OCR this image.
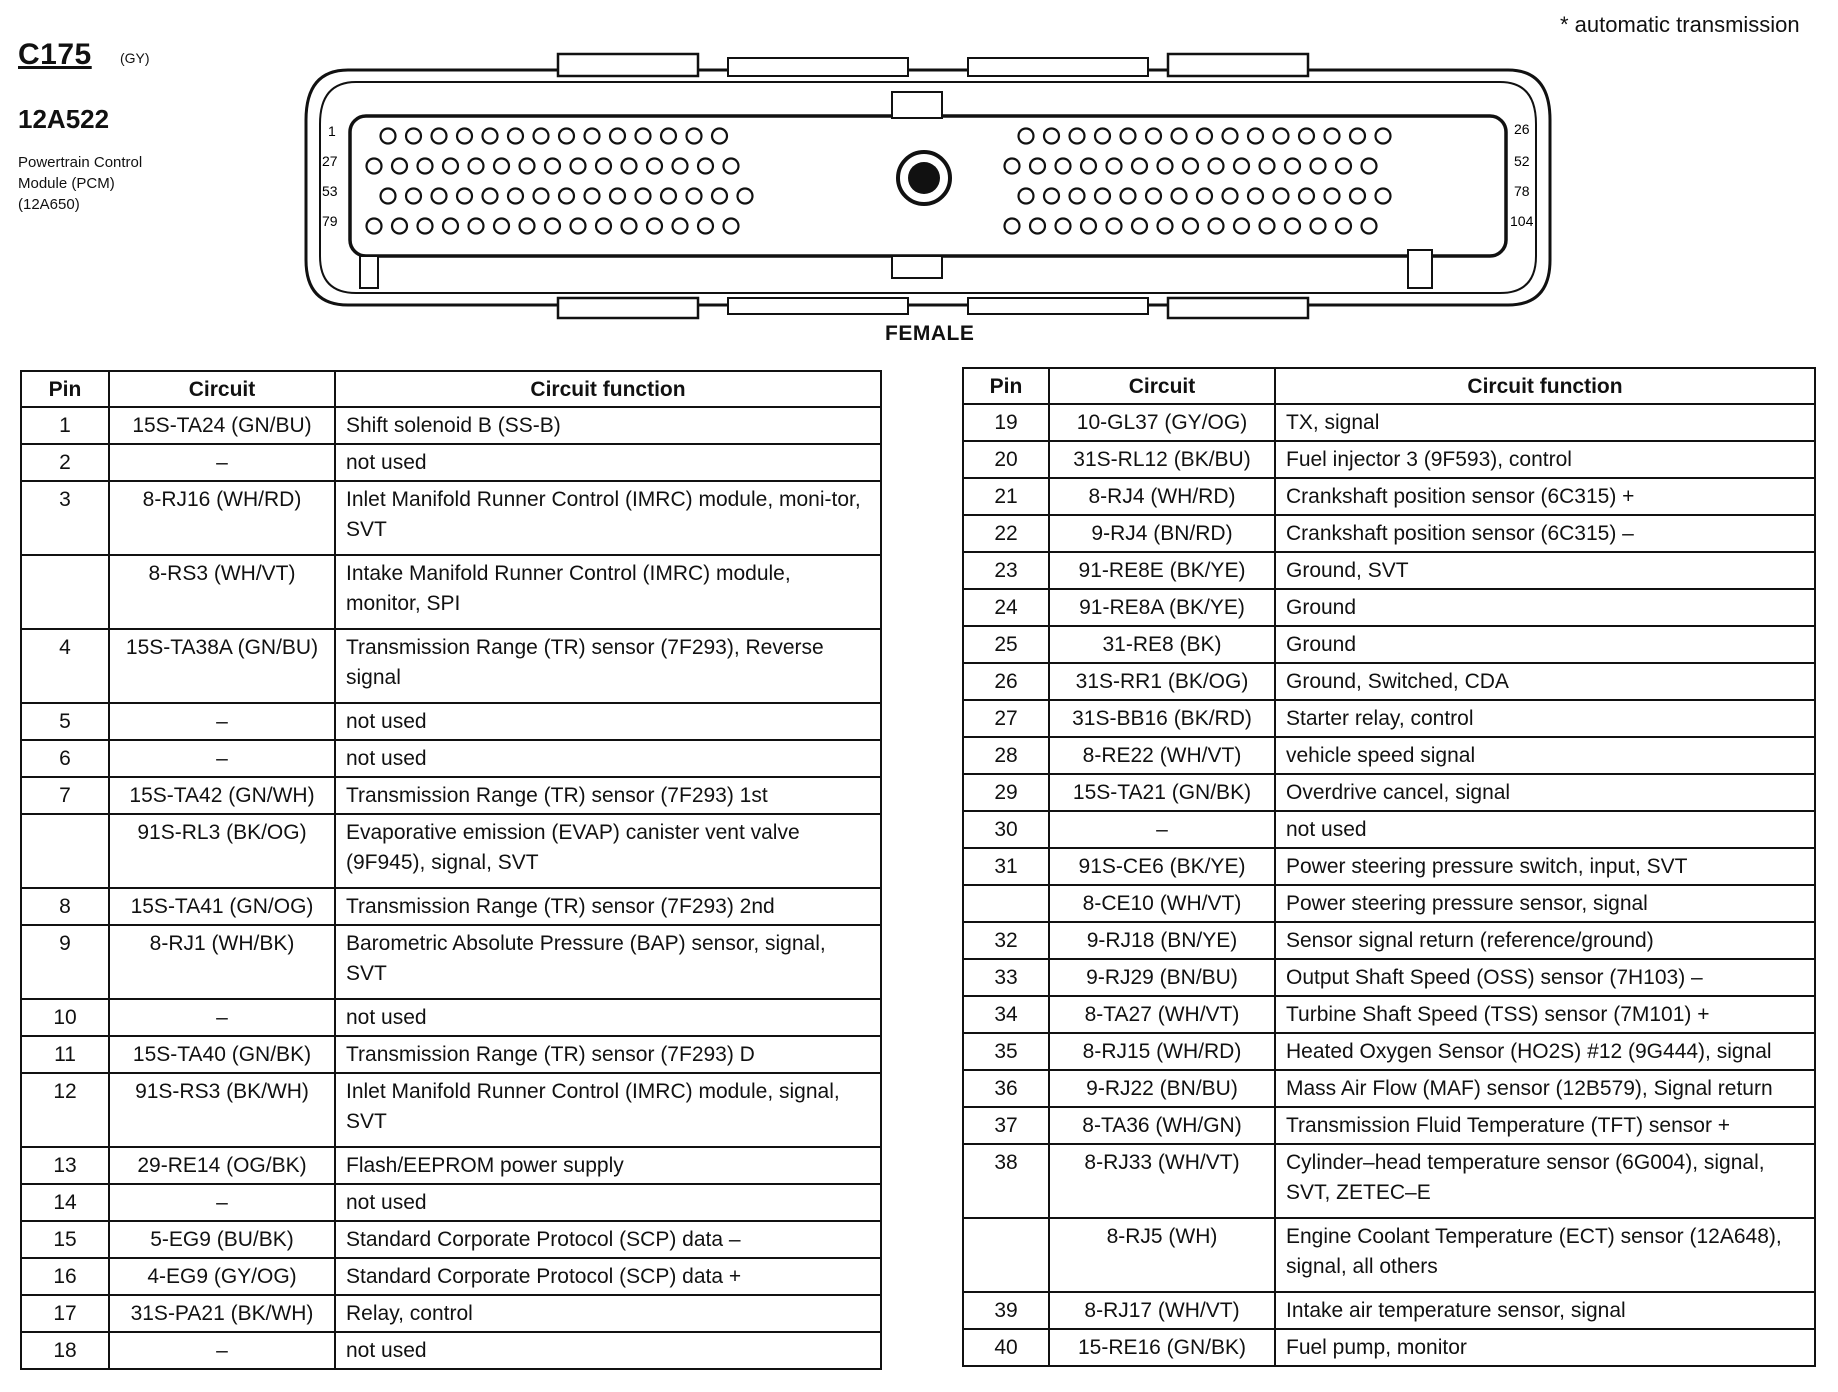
C175 (GY)
12A522
Powertrain Control
Module (PCM)
(12A650)
* automatic transmission
1
27
53
79
26
52
78
104
FEMALE
Pin	Circuit	Circuit function
1	15S-TA24 (GN/BU)	Shift solenoid B (SS-B)
2	–	not used
3	8-RJ16 (WH/RD)	Inlet Manifold Runner Control (IMRC) module, moni-tor, SVT
	8-RS3 (WH/VT)	Intake Manifold Runner Control (IMRC) module, monitor, SPI
4	15S-TA38A (GN/BU)	Transmission Range (TR) sensor (7F293), Reverse signal
5	–	not used
6	–	not used
7	15S-TA42 (GN/WH)	Transmission Range (TR) sensor (7F293) 1st
	91S-RL3 (BK/OG)	Evaporative emission (EVAP) canister vent valve (9F945), signal, SVT
8	15S-TA41 (GN/OG)	Transmission Range (TR) sensor (7F293) 2nd
9	8-RJ1 (WH/BK)	Barometric Absolute Pressure (BAP) sensor, signal, SVT
10	–	not used
11	15S-TA40 (GN/BK)	Transmission Range (TR) sensor (7F293) D
12	91S-RS3 (BK/WH)	Inlet Manifold Runner Control (IMRC) module, signal, SVT
13	29-RE14 (OG/BK)	Flash/EEPROM power supply
14	–	not used
15	5-EG9 (BU/BK)	Standard Corporate Protocol (SCP) data –
16	4-EG9 (GY/OG)	Standard Corporate Protocol (SCP) data +
17	31S-PA21 (BK/WH)	Relay, control
18	–	not used
Pin	Circuit	Circuit function
19	10-GL37 (GY/OG)	TX, signal
20	31S-RL12 (BK/BU)	Fuel injector 3 (9F593), control
21	8-RJ4 (WH/RD)	Crankshaft position sensor (6C315) +
22	9-RJ4 (BN/RD)	Crankshaft position sensor (6C315) –
23	91-RE8E (BK/YE)	Ground, SVT
24	91-RE8A (BK/YE)	Ground
25	31-RE8 (BK)	Ground
26	31S-RR1 (BK/OG)	Ground, Switched, CDA
27	31S-BB16 (BK/RD)	Starter relay, control
28	8-RE22 (WH/VT)	vehicle speed signal
29	15S-TA21 (GN/BK)	Overdrive cancel, signal
30	–	not used
31	91S-CE6 (BK/YE)	Power steering pressure switch, input, SVT
	8-CE10 (WH/VT)	Power steering pressure sensor, signal
32	9-RJ18 (BN/YE)	Sensor signal return (reference/ground)
33	9-RJ29 (BN/BU)	Output Shaft Speed (OSS) sensor (7H103) –
34	8-TA27 (WH/VT)	Turbine Shaft Speed (TSS) sensor (7M101) +
35	8-RJ15 (WH/RD)	Heated Oxygen Sensor (HO2S) #12 (9G444), signal
36	9-RJ22 (BN/BU)	Mass Air Flow (MAF) sensor (12B579), Signal return
37	8-TA36 (WH/GN)	Transmission Fluid Temperature (TFT) sensor +
38	8-RJ33 (WH/VT)	Cylinder–head temperature sensor (6G004), signal, SVT, ZETEC–E
	8-RJ5 (WH)	Engine Coolant Temperature (ECT) sensor (12A648), signal, all others
39	8-RJ17 (WH/VT)	Intake air temperature sensor, signal
40	15-RE16 (GN/BK)	Fuel pump, monitor
